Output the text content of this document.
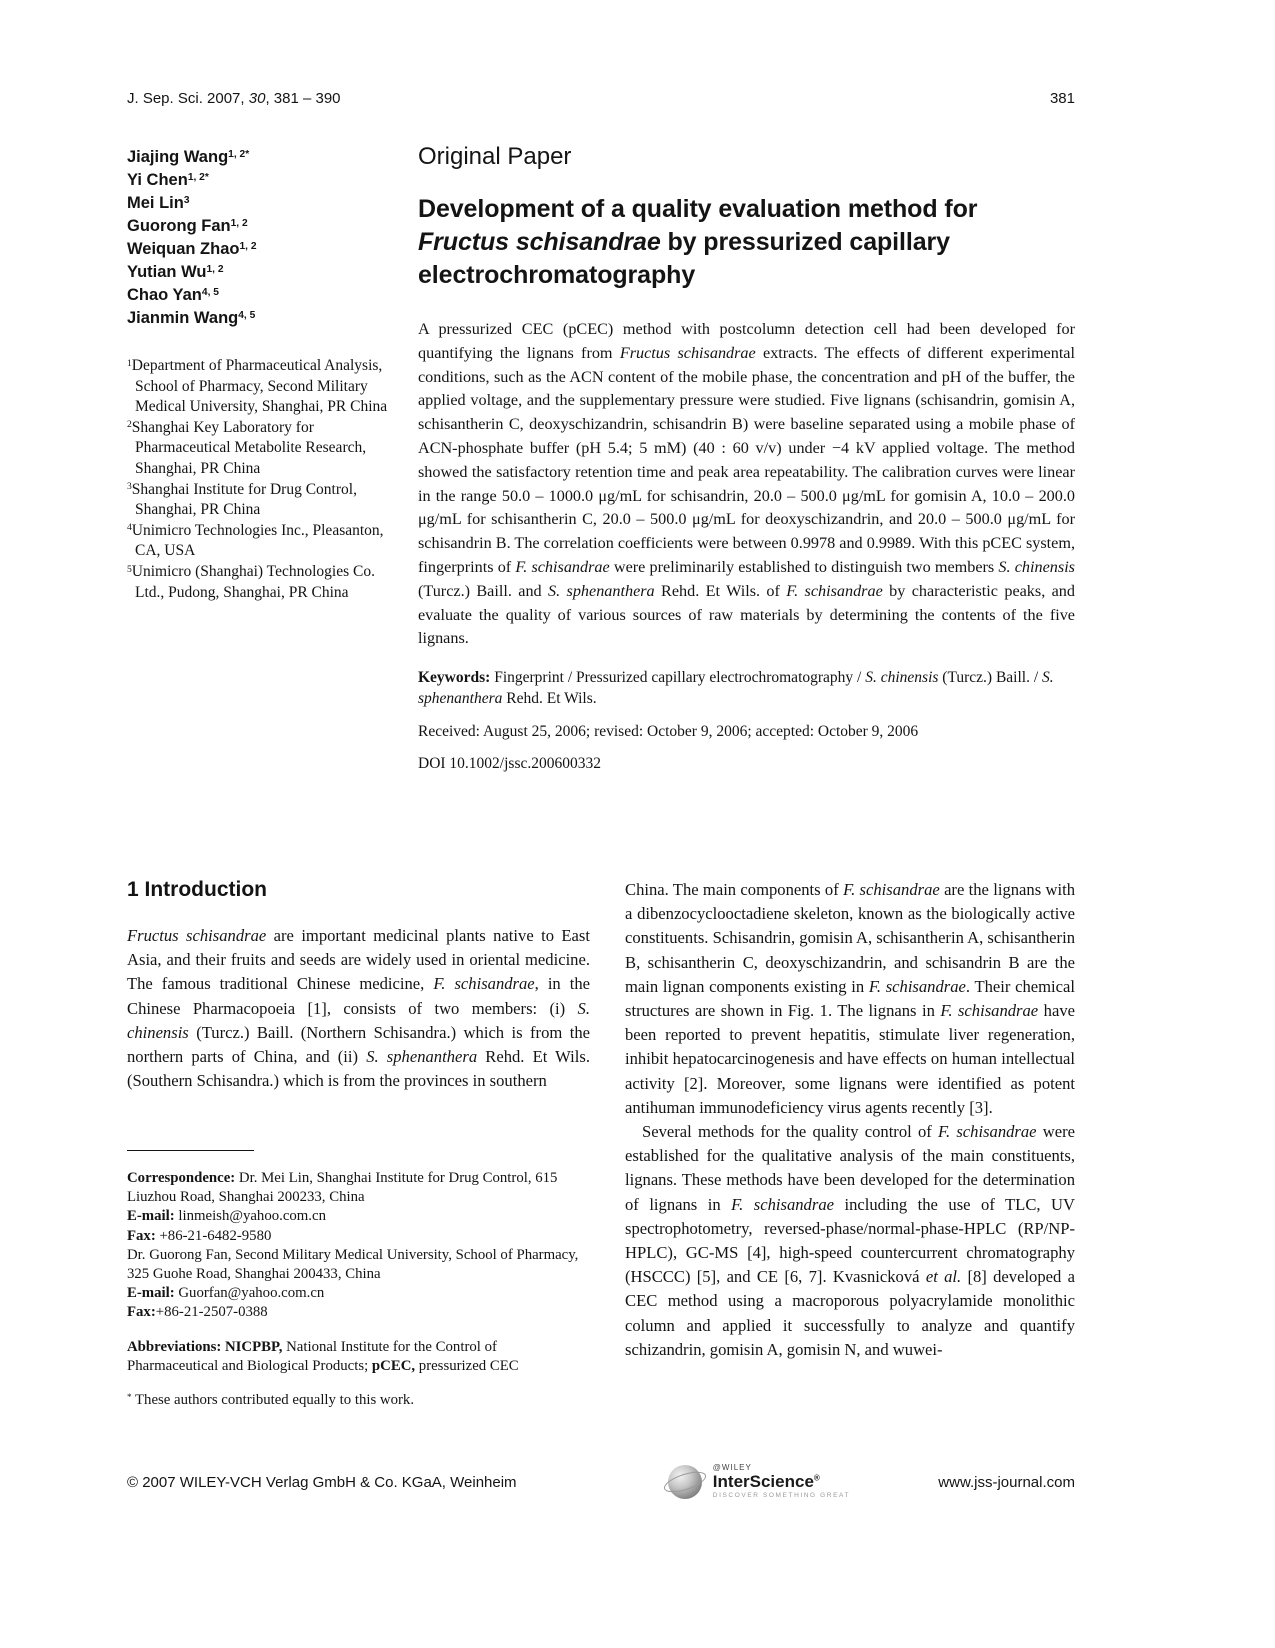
J. Sep. Sci. 2007, 30, 381 – 390	381
Jiajing Wang$^{1, 2*}$
Yi Chen$^{1, 2*}$
Mei Lin$^3$
Guorong Fan$^{1, 2}$
Weiquan Zhao$^{1, 2}$
Yutian Wu$^{1, 2}$
Chao Yan$^{4, 5}$
Jianmin Wang$^{4, 5}$
$^1$Department of Pharmaceutical Analysis, School of Pharmacy, Second Military Medical University, Shanghai, PR China
$^2$Shanghai Key Laboratory for Pharmaceutical Metabolite Research, Shanghai, PR China
$^3$Shanghai Institute for Drug Control, Shanghai, PR China
$^4$Unimicro Technologies Inc., Pleasanton, CA, USA
$^5$Unimicro (Shanghai) Technologies Co. Ltd., Pudong, Shanghai, PR China
Original Paper
Development of a quality evaluation method for Fructus schisandrae by pressurized capillary electrochromatography

A pressurized CEC (pCEC) method with postcolumn detection cell had been developed for quantifying the lignans from Fructus schisandrae extracts. The effects of different experimental conditions, such as the ACN content of the mobile phase, the concentration and pH of the buffer, the applied voltage, and the supplementary pressure were studied. Five lignans (schisandrin, gomisin A, schisantherin C, deoxyschizandrin, schisandrin B) were baseline separated using a mobile phase of ACN-phosphate buffer (pH 5.4; 5 mM) (40 : 60 v/v) under −4 kV applied voltage. The method showed the satisfactory retention time and peak area repeatability. The calibration curves were linear in the range 50.0 – 1000.0 μg/mL for schisandrin, 20.0 – 500.0 μg/mL for gomisin A, 10.0 – 200.0 μg/mL for schisantherin C, 20.0 – 500.0 μg/mL for deoxyschizandrin, and 20.0 – 500.0 μg/mL for schisandrin B. The correlation coefficients were between 0.9978 and 0.9989. With this pCEC system, fingerprints of F. schisandrae were preliminarily established to distinguish two members S. chinensis (Turcz.) Baill. and S. sphenanthera Rehd. Et Wils. of F. schisandrae by characteristic peaks, and evaluate the quality of various sources of raw materials by determining the contents of the five lignans.

Keywords: Fingerprint / Pressurized capillary electrochromatography / S. chinensis (Turcz.) Baill. / S. sphenanthera Rehd. Et Wils.

Received: August 25, 2006; revised: October 9, 2006; accepted: October 9, 2006

DOI 10.1002/jssc.200600332

1 Introduction

Fructus schisandrae are important medicinal plants native to East Asia, and their fruits and seeds are widely used in oriental medicine. The famous traditional Chinese medicine, F. schisandrae, in the Chinese Pharmacopoeia [1], consists of two members: (i) S. chinensis (Turcz.) Baill. (Northern Schisandra.) which is from the northern parts of China, and (ii) S. sphenanthera Rehd. Et Wils. (Southern Schisandra.) which is from the provinces in southern

China. The main components of F. schisandrae are the lignans with a dibenzocyclooctadiene skeleton, known as the biologically active constituents. Schisandrin, gomisin A, schisantherin A, schisantherin B, schisantherin C, deoxyschizandrin, and schisandrin B are the main lignan components existing in F. schisandrae. Their chemical structures are shown in Fig. 1. The lignans in F. schisandrae have been reported to prevent hepatitis, stimulate liver regeneration, inhibit hepatocarcinogenesis and have effects on human intellectual activity [2]. Moreover, some lignans were identified as potent antihuman immunodeficiency virus agents recently [3].

Several methods for the quality control of F. schisandrae were established for the qualitative analysis of the main constituents, lignans. These methods have been developed for the determination of lignans in F. schisandrae including the use of TLC, UV spectrophotometry, reversed-phase/normal-phase-HPLC (RP/NP-HPLC), GC-MS [4], high-speed countercurrent chromatography (HSCCC) [5], and CE [6, 7]. Kvasnicková et al. [8] developed a CEC method using a macroporous polyacrylamide monolithic column and applied it successfully to analyze and quantify schizandrin, gomisin A, gomisin N, and wuwei-

Correspondence: Dr. Mei Lin, Shanghai Institute for Drug Control, 615 Liuzhou Road, Shanghai 200233, China

E-mail: linmeish@yahoo.com.cn

Fax: +86-21-6482-9580

Dr. Guorong Fan, Second Military Medical University, School of Pharmacy, 325 Guohe Road, Shanghai 200433, China

E-mail: Guorfan@yahoo.com.cn

Fax:+86-21-2507-0388

Abbreviations: NICPBP, National Institute for the Control of Pharmaceutical and Biological Products; pCEC, pressurized CEC

* These authors contributed equally to this work.

© 2007 WILEY-VCH Verlag GmbH & Co. KGaA, Weinheim
@WILEY
InterScience®
DISCOVER SOMETHING GREAT
www.jss-journal.com
